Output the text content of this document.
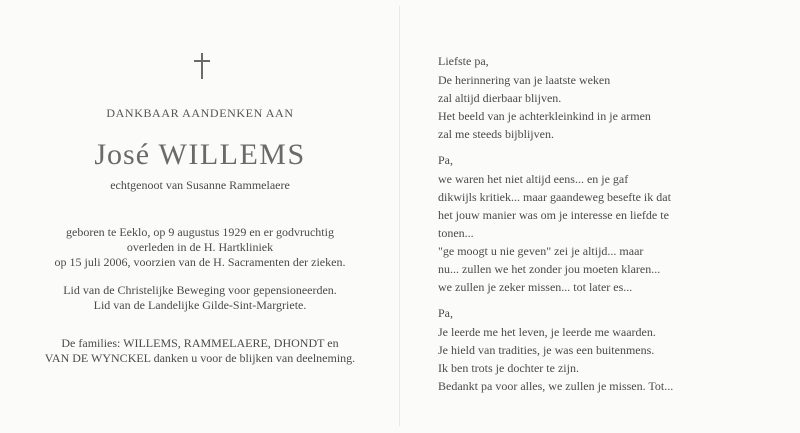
DANKBAAR AANDENKEN AAN
José WILLEMS
echtgenoot van Susanne Rammelaere
geboren te Eeklo, op 9 augustus 1929 en er godvruchtig
overleden in de H. Hartkliniek
op 15 juli 2006, voorzien van de H. Sacramenten der zieken.
Lid van de Christelijke Beweging voor gepensioneerden.
Lid van de Landelijke Gilde-Sint-Margriete.
De families: WILLEMS, RAMMELAERE, DHONDT en
VAN DE WYNCKEL danken u voor de blijken van deelneming.
Liefste pa,
De herinnering van je laatste weken
zal altijd dierbaar blijven.
Het beeld van je achterkleinkind in je armen
zal me steeds bijblijven.
Pa,
we waren het niet altijd eens... en je gaf
dikwijls kritiek... maar gaandeweg besefte ik dat
het jouw manier was om je interesse en liefde te
tonen...
"ge moogt u nie geven" zei je altijd... maar
nu... zullen we het zonder jou moeten klaren...
we zullen je zeker missen... tot later es...
Pa,
Je leerde me het leven, je leerde me waarden.
Je hield van tradities, je was een buitenmens.
Ik ben trots je dochter te zijn.
Bedankt pa voor alles, we zullen je missen. Tot...
